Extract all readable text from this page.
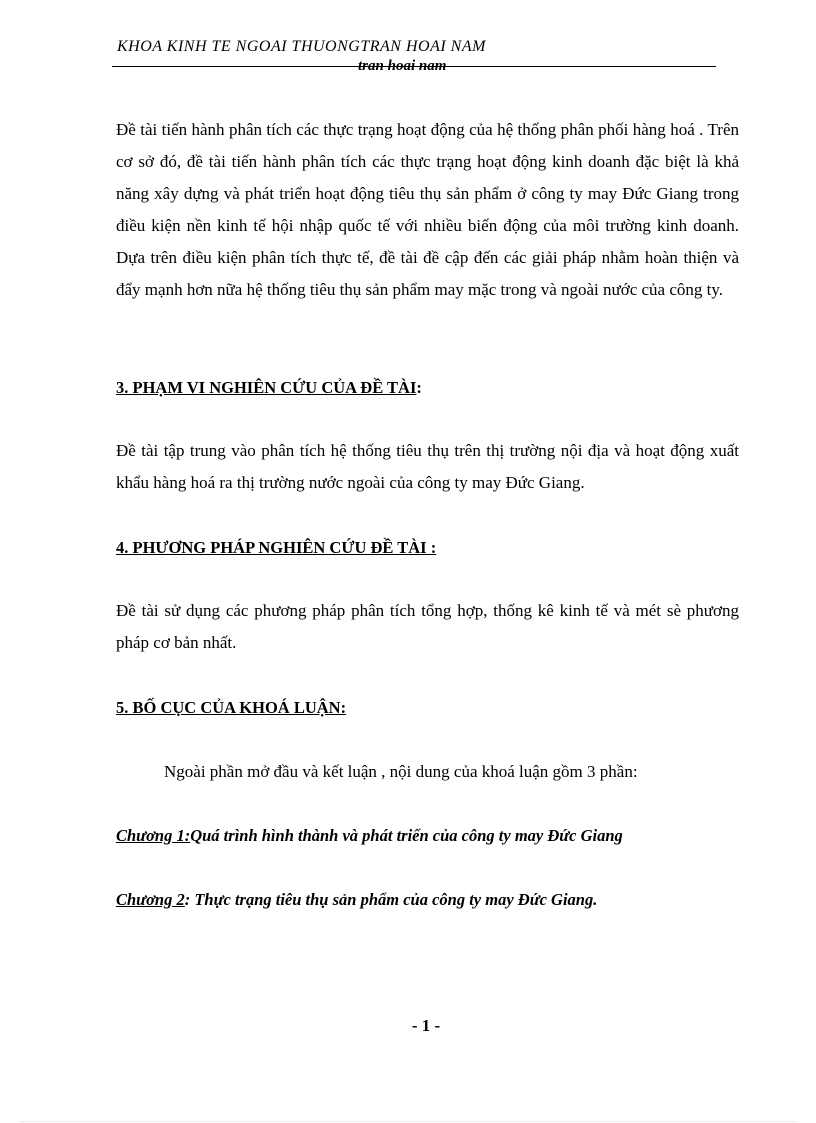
KHOA KINH TE NGOAI THUONGTRAN HOAI NAM
tran hoai nam

Đề tài tiến hành phân tích các thực trạng hoạt động của hệ thống phân phối hàng hoá . Trên cơ sở đó, đề tài tiến hành phân tích các thực trạng hoạt động kinh doanh đặc biệt là khả năng xây dựng và phát triển hoạt động tiêu thụ sản phẩm ở công ty may Đức Giang trong điều kiện nền kinh tế hội nhập quốc tế với nhiều biến động của môi trường kinh doanh. Dựa trên điều kiện phân tích thực tế, đề tài đề cập đến các giải pháp nhằm hoàn thiện và đẩy mạnh hơn nữa hệ thống tiêu thụ sản phẩm may mặc trong và ngoài nước của công ty.

3. PHẠM VI NGHIÊN CỨU CỦA ĐỀ TÀI:

Đề tài tập trung vào phân tích hệ thống tiêu thụ trên thị trường nội địa và hoạt động xuất khẩu hàng hoá ra thị trường nước ngoài của công ty may Đức Giang.

4. PHƯƠNG PHÁP NGHIÊN CỨU ĐỀ TÀI :

Đề tài sử dụng các phương pháp phân tích tổng hợp, thống kê kinh tế và mét sè phương pháp cơ bản nhất.

5. BỐ CỤC CỦA KHOÁ LUẬN:
Ngoài phần mở đầu và kết luận , nội dung của khoá luận gồm 3 phần:
Chương 1:Quá trình hình thành và phát triển của công ty may Đức Giang
Chương 2: Thực trạng tiêu thụ sản phẩm của công ty may Đức Giang.
- 1 -
